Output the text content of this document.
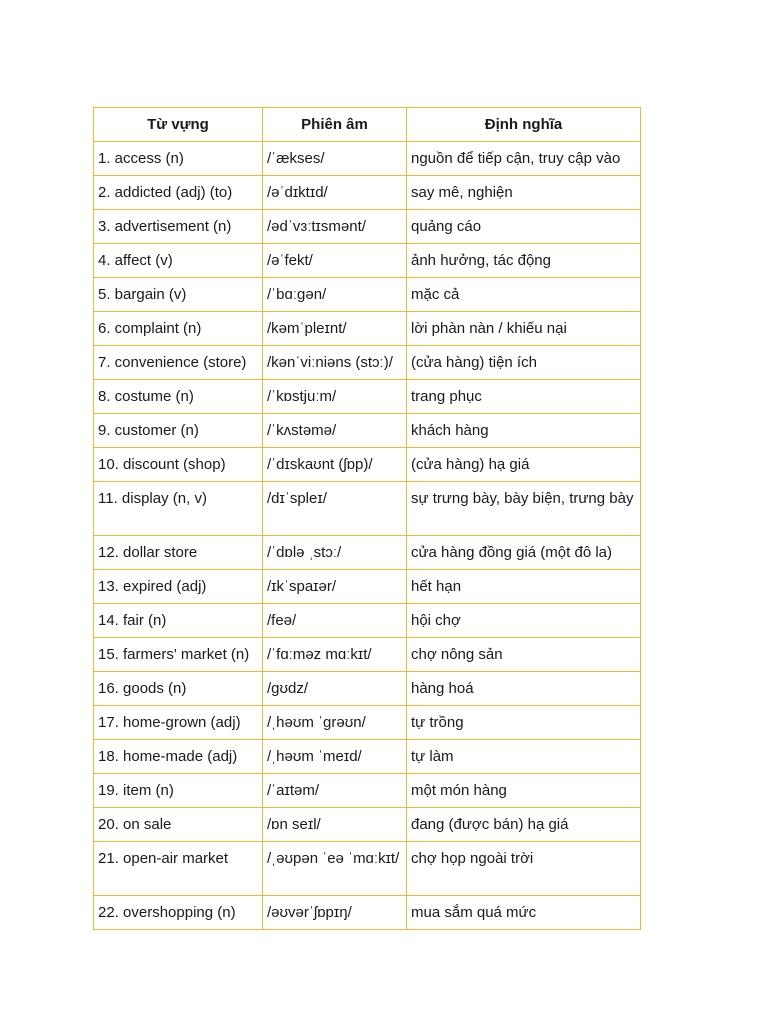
Từ vựng	Phiên âm	Định nghĩa
1. access (n)	/ˈækses/	nguồn để tiếp cận, truy cập vào
2. addicted (adj) (to)	/əˈdɪktɪd/	say mê, nghiện
3. advertisement (n)	/ədˈvɜːtɪsmənt/	quảng cáo
4. affect (v)	/əˈfekt/	ảnh hưởng, tác động
5. bargain (v)	/ˈbɑːgən/	mặc cả
6. complaint (n)	/kəmˈpleɪnt/	lời phàn nàn / khiếu nại
7. convenience (store)	/kənˈviːniəns (stɔː)/	(cửa hàng) tiện ích
8. costume (n)	/ˈkɒstjuːm/	trang phục
9. customer (n)	/ˈkʌstəmə/	khách hàng
10. discount (shop)	/ˈdɪskaʊnt (ʃɒp)/	(cửa hàng) hạ giá
11. display (n, v)	/dɪˈspleɪ/	sự trưng bày, bày biện, trưng bày
12. dollar store	/ˈdɒlə ˌstɔː/	cửa hàng đồng giá (một đô la)
13. expired (adj)	/ɪkˈspaɪər/	hết hạn
14. fair (n)	/feə/	hội chợ
15. farmers' market (n)	/ˈfɑːməz mɑːkɪt/	chợ nông sản
16. goods (n)	/gʊdz/	hàng hoá
17. home-grown (adj)	/ˌhəʊm ˈgrəʊn/	tự trồng
18. home-made (adj)	/ˌhəʊm ˈmeɪd/	tự làm
19. item (n)	/ˈaɪtəm/	một món hàng
20. on sale	/ɒn seɪl/	đang (được bán) hạ giá
21. open-air market	/ˌəʊpən ˈeə ˈmɑːkɪt/	chợ họp ngoài trời
22. overshopping (n)	/əʊvərˈʃɒpɪŋ/	mua sắm quá mức
